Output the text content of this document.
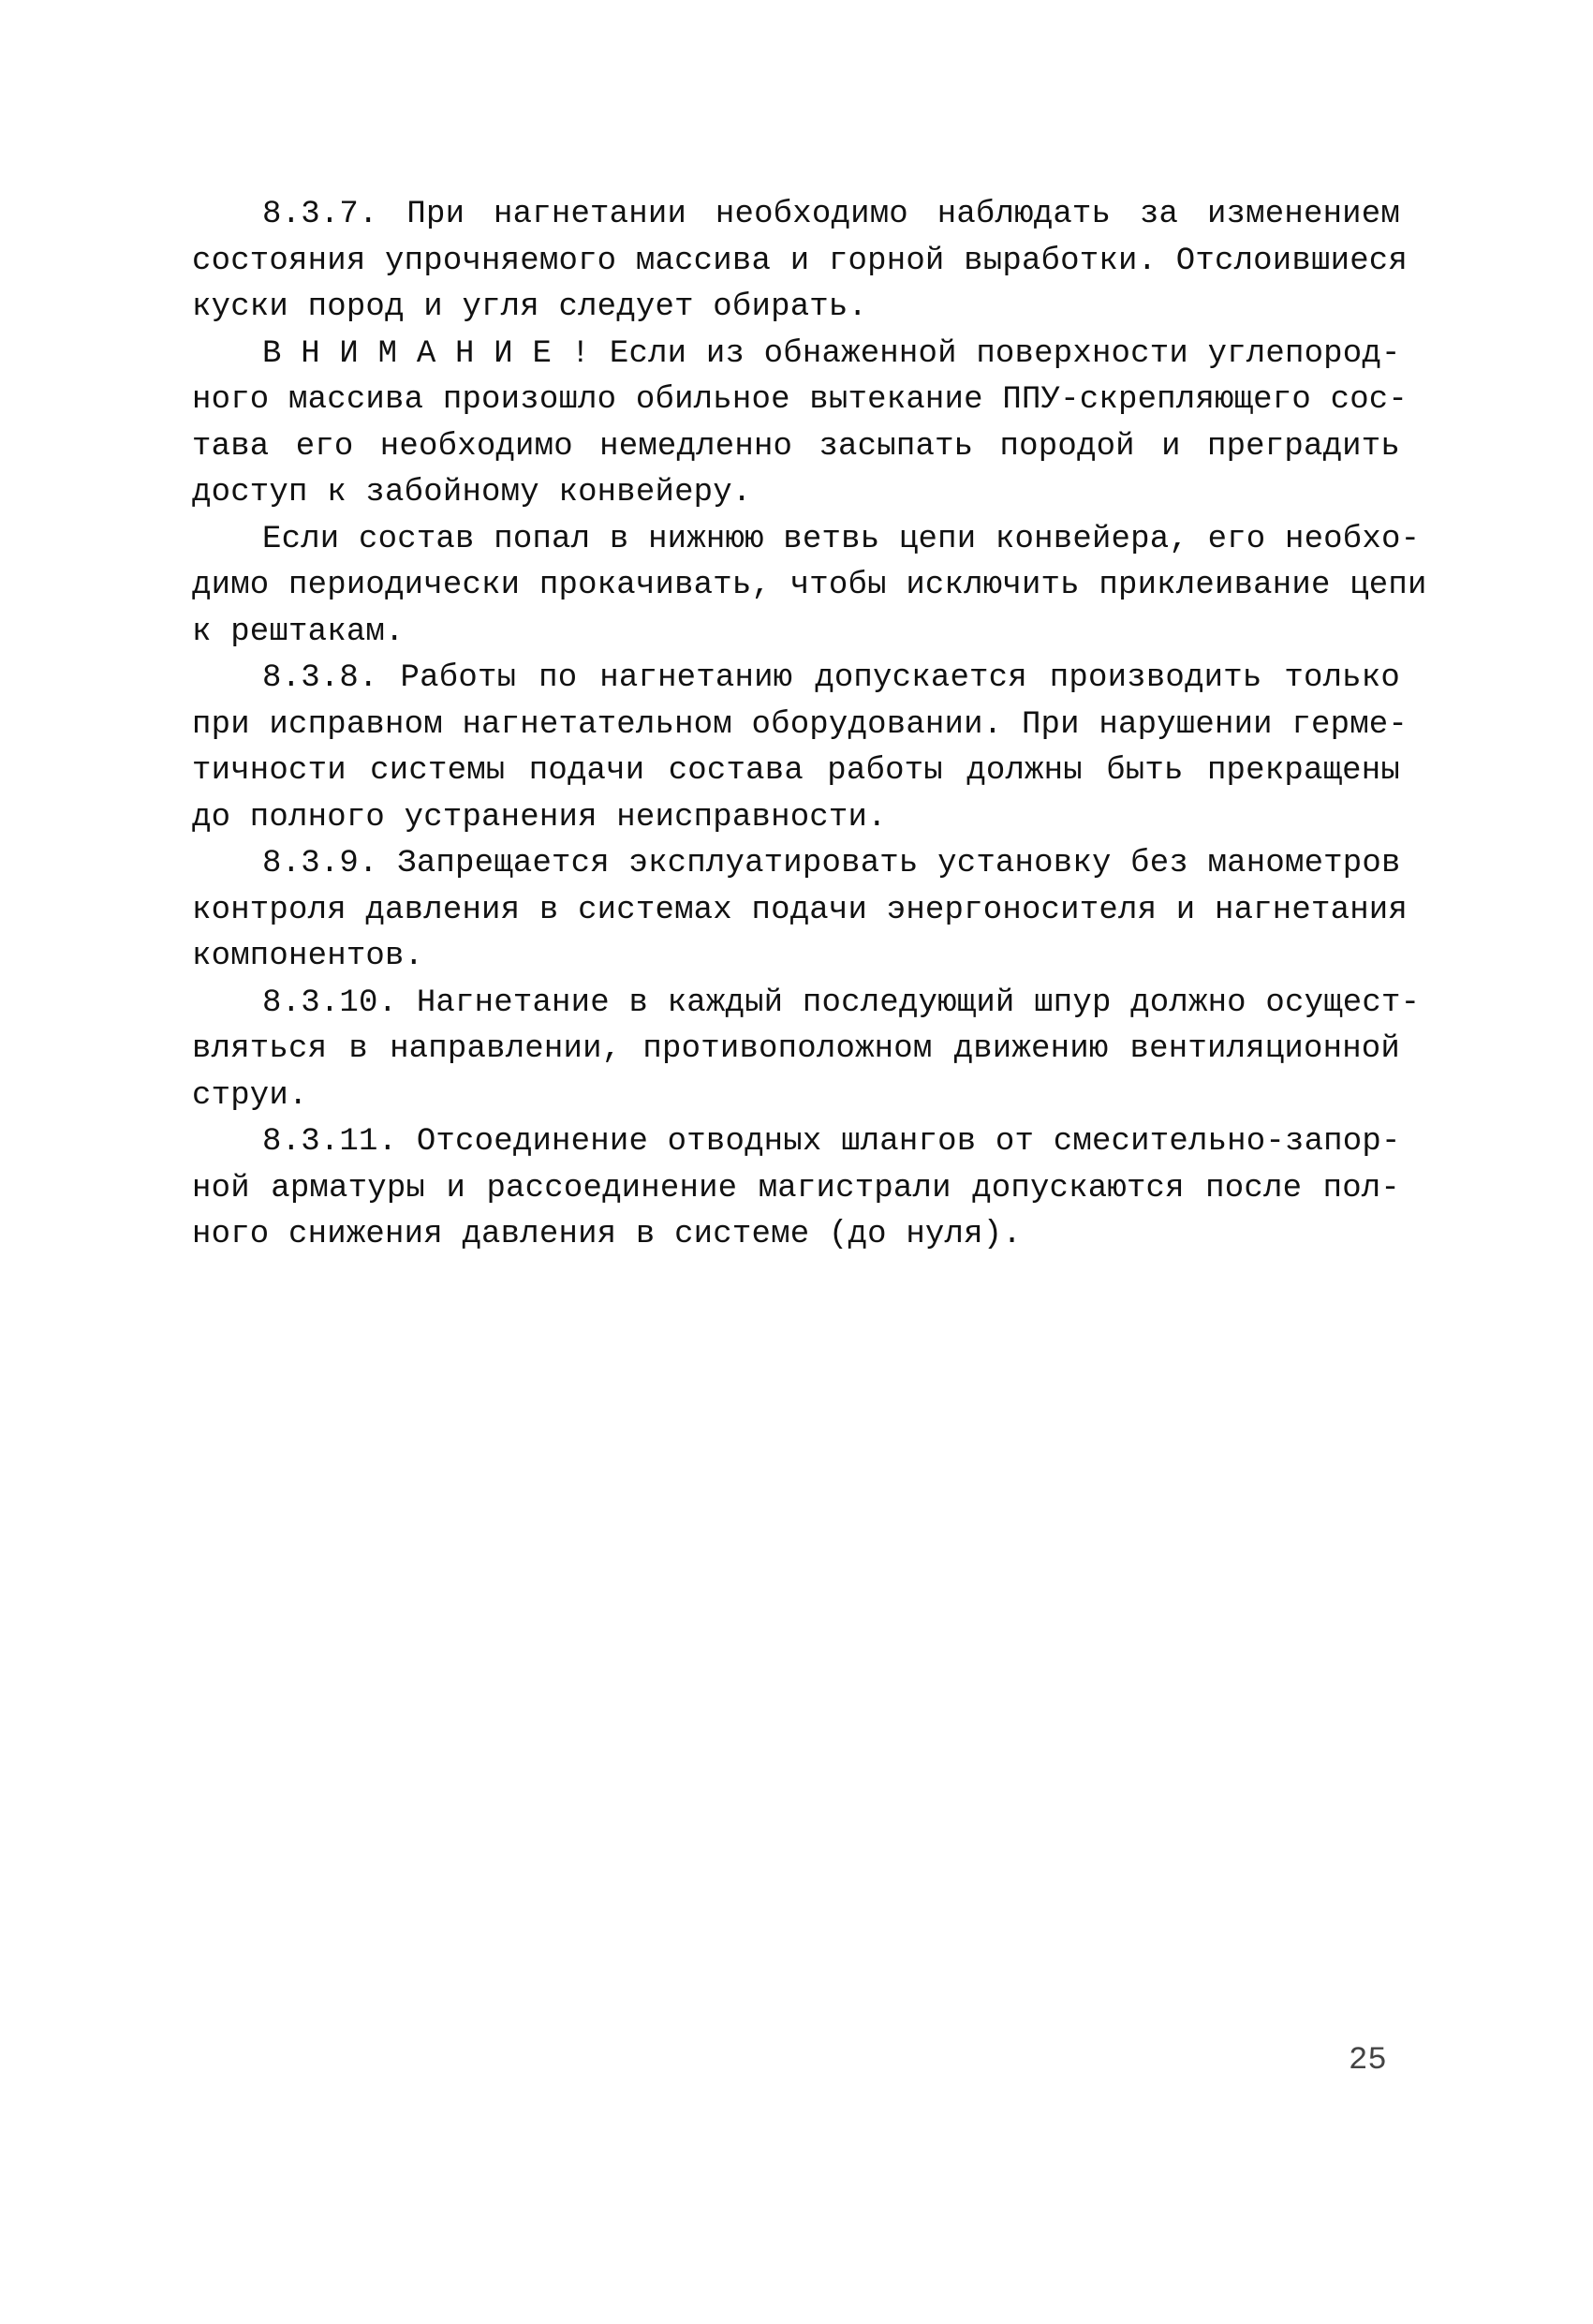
8.3.7. При нагнетании необходимо наблюдать за изменением
состояния упрочняемого массива и горной выработки. Отслоившиеся
куски пород и угля следует обирать.
В Н И М А Н И Е ! Если из обнаженной поверхности углепород-
ного массива произошло обильное вытекание ППУ-скрепляющего сос-
тава его необходимо немедленно засыпать породой и преградить
доступ к забойному конвейеру.
Если состав попал в нижнюю ветвь цепи конвейера, его необхо-
димо периодически прокачивать, чтобы исключить приклеивание цепи
к рештакам.
8.3.8. Работы по нагнетанию допускается производить только
при исправном нагнетательном оборудовании. При нарушении герме-
тичности системы подачи состава работы должны быть прекращены
до полного устранения неисправности.
8.3.9. Запрещается эксплуатировать установку без манометров
контроля давления в системах подачи энергоносителя и нагнетания
компонентов.
8.3.10. Нагнетание в каждый последующий шпур должно осущест-
вляться в направлении, противоположном движению вентиляционной
струи.
8.3.11. Отсоединение отводных шлангов от смесительно-запор-
ной арматуры и рассоединение магистрали допускаются после пол-
ного снижения давления в системе (до нуля).
25
